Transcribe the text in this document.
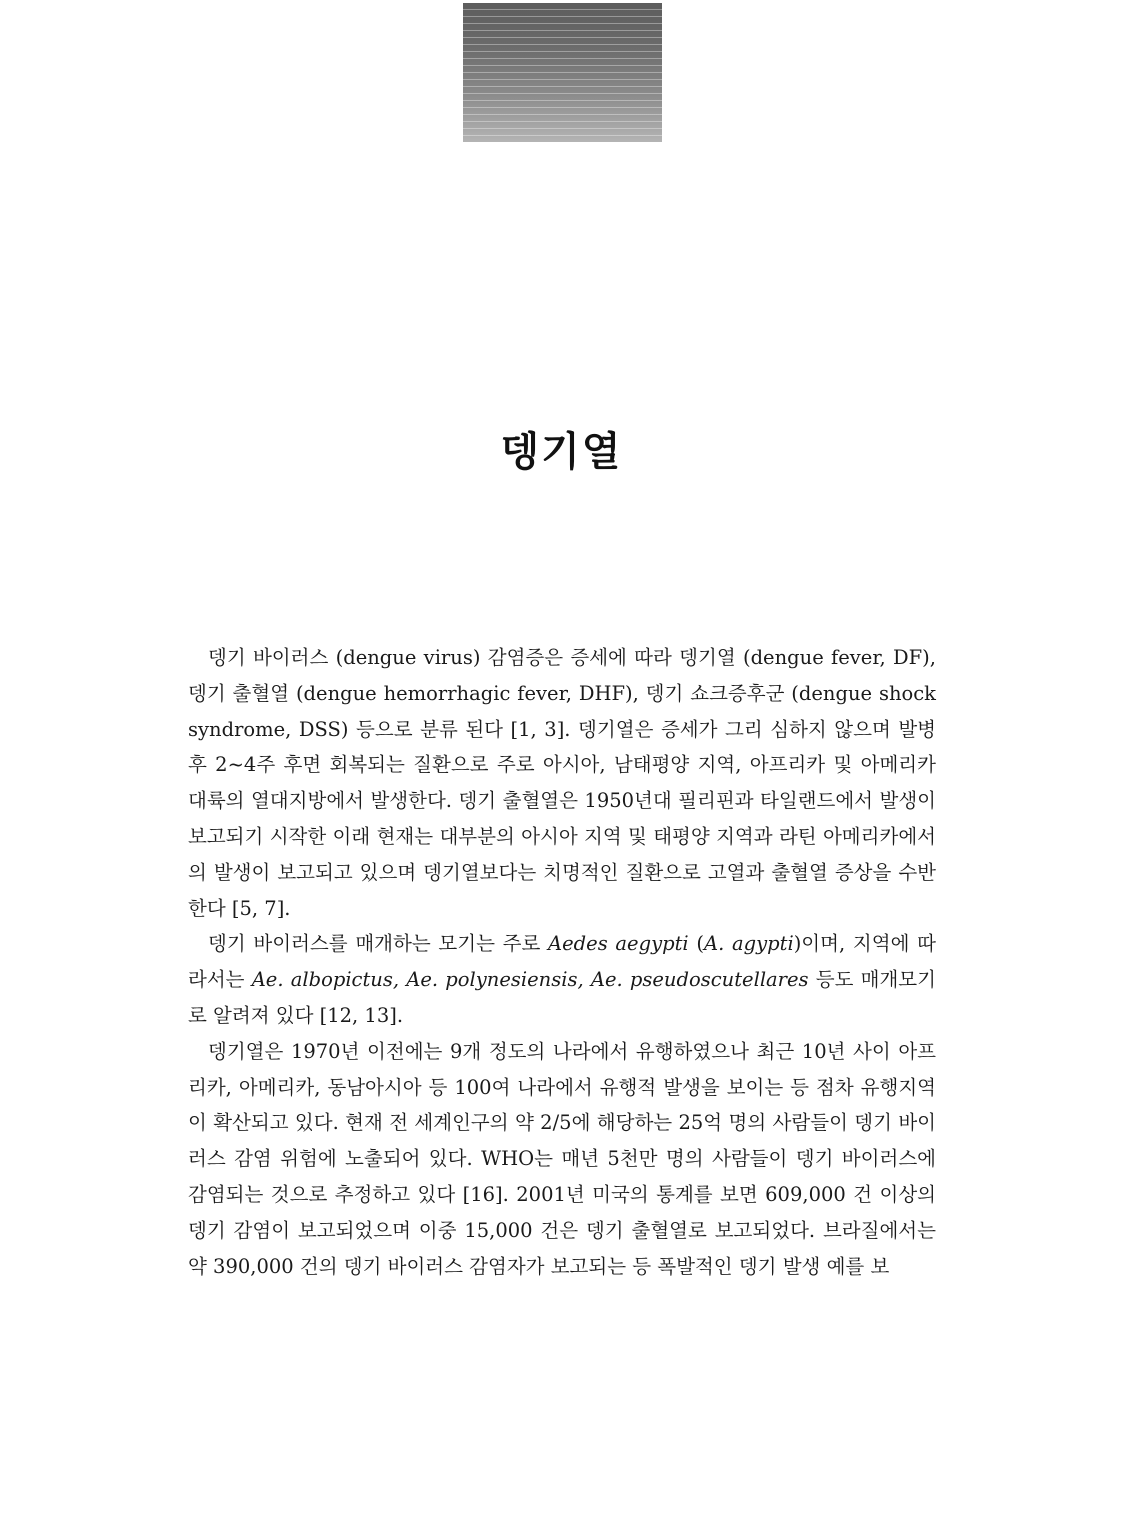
뎅기열

뎅기 바이러스 (dengue virus) 감염증은 증세에 따라 뎅기열 (dengue fever, DF), 뎅기 출혈열 (dengue hemorrhagic fever, DHF), 뎅기 쇼크증후군 (dengue shock syndrome, DSS) 등으로 분류 된다 [1, 3]. 뎅기열은 증세가 그리 심하지 않으며 발병 후 2~4주 후면 회복되는 질환으로 주로 아시아, 남태평양 지역, 아프리카 및 아메리카 대륙의 열대지방에서 발생한다. 뎅기 출혈열은 1950년대 필리핀과 타일랜드에서 발생이 보고되기 시작한 이래 현재는 대부분의 아시아 지역 및 태평양 지역과 라틴 아메리카에서의 발생이 보고되고 있으며 뎅기열보다는 치명적인 질환으로 고열과 출혈열 증상을 수반한다 [5, 7].

뎅기 바이러스를 매개하는 모기는 주로 Aedes aegypti (A. agypti)이며, 지역에 따라서는 Ae. albopictus, Ae. polynesiensis, Ae. pseudoscutellares 등도 매개모기로 알려져 있다 [12, 13].

뎅기열은 1970년 이전에는 9개 정도의 나라에서 유행하였으나 최근 10년 사이 아프리카, 아메리카, 동남아시아 등 100여 나라에서 유행적 발생을 보이는 등 점차 유행지역이 확산되고 있다. 현재 전 세계인구의 약 2/5에 해당하는 25억 명의 사람들이 뎅기 바이러스 감염 위험에 노출되어 있다. WHO는 매년 5천만 명의 사람들이 뎅기 바이러스에 감염되는 것으로 추정하고 있다 [16]. 2001년 미국의 통계를 보면 609,000 건 이상의 뎅기 감염이 보고되었으며 이중 15,000 건은 뎅기 출혈열로 보고되었다. 브라질에서는 약 390,000 건의 뎅기 바이러스 감염자가 보고되는 등 폭발적인 뎅기 발생 예를 보
